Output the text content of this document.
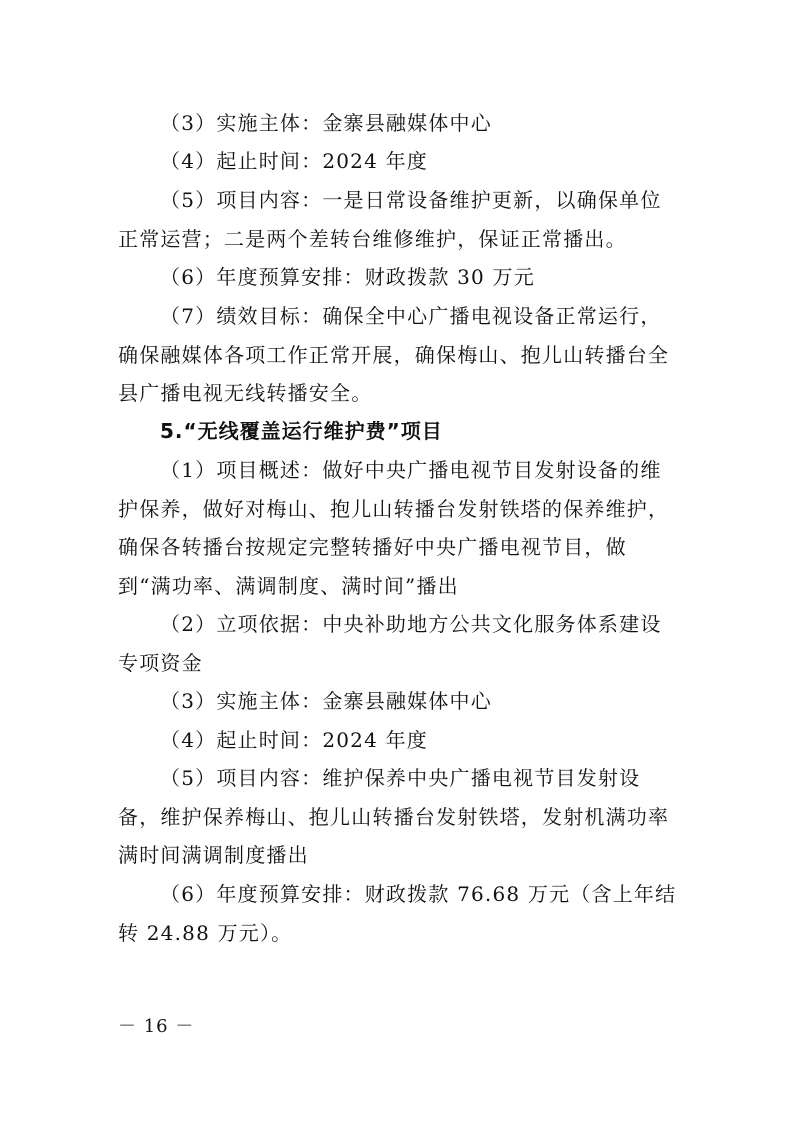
（3）实施主体：金寨县融媒体中心

（4）起止时间：2024 年度

（5）项目内容：一是日常设备维护更新，以确保单位正常运营；二是两个差转台维修维护，保证正常播出。

（6）年度预算安排：财政拨款 30 万元

（7）绩效目标：确保全中心广播电视设备正常运行，确保融媒体各项工作正常开展，确保梅山、抱儿山转播台全县广播电视无线转播安全。

5.“无线覆盖运行维护费”项目

（1）项目概述：做好中央广播电视节目发射设备的维护保养，做好对梅山、抱儿山转播台发射铁塔的保养维护，确保各转播台按规定完整转播好中央广播电视节目，做到“满功率、满调制度、满时间”播出

（2）立项依据：中央补助地方公共文化服务体系建设专项资金

（3）实施主体：金寨县融媒体中心

（4）起止时间：2024 年度

（5）项目内容：维护保养中央广播电视节目发射设备，维护保养梅山、抱儿山转播台发射铁塔，发射机满功率满时间满调制度播出

（6）年度预算安排：财政拨款 76.68 万元（含上年结转 24.88 万元）。

－ 16 －
